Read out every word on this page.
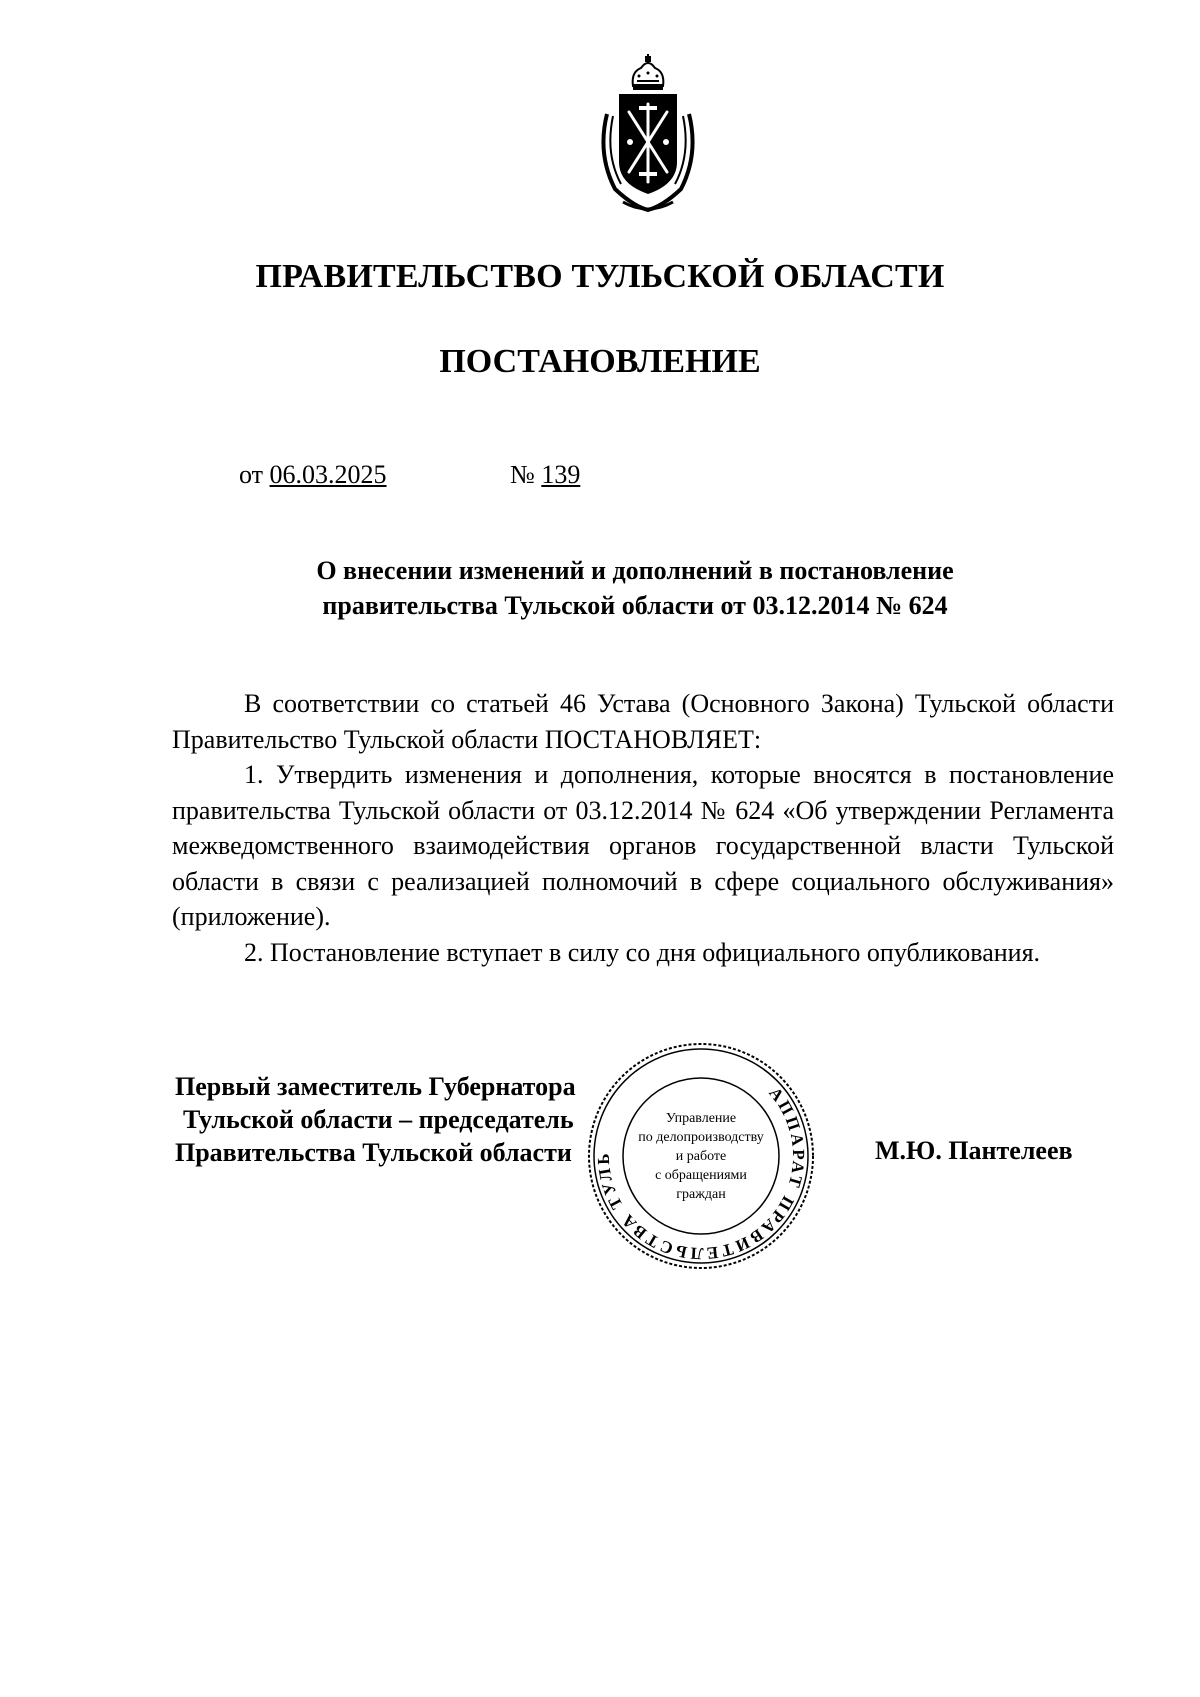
ПРАВИТЕЛЬСТВО ТУЛЬСКОЙ ОБЛАСТИ
ПОСТАНОВЛЕНИЕ
от 06.03.2025	№ 139
О внесении изменений и дополнений в постановление
правительства Тульской области от 03.12.2014 № 624

В соответствии со статьей 46 Устава (Основного Закона) Тульской области Правительство Тульской области ПОСТАНОВЛЯЕТ:

1. Утвердить изменения и дополнения, которые вносятся в постановление правительства Тульской области от 03.12.2014 № 624 «Об утверждении Регламента межведомственного взаимодействия органов государственной власти Тульской области в связи с реализацией полномочий в сфере социального обслуживания» (приложение).

2. Постановление вступает в силу со дня официального опубликования.

Первый заместитель Губернатора
Тульской области – председатель
Правительства Тульской области
АППАРАТ ПРАВИТЕЛЬСТВА ТУЛЬ
Управление
по делопроизводству
и работе
с обращениями
граждан
М.Ю. Пантелеев
